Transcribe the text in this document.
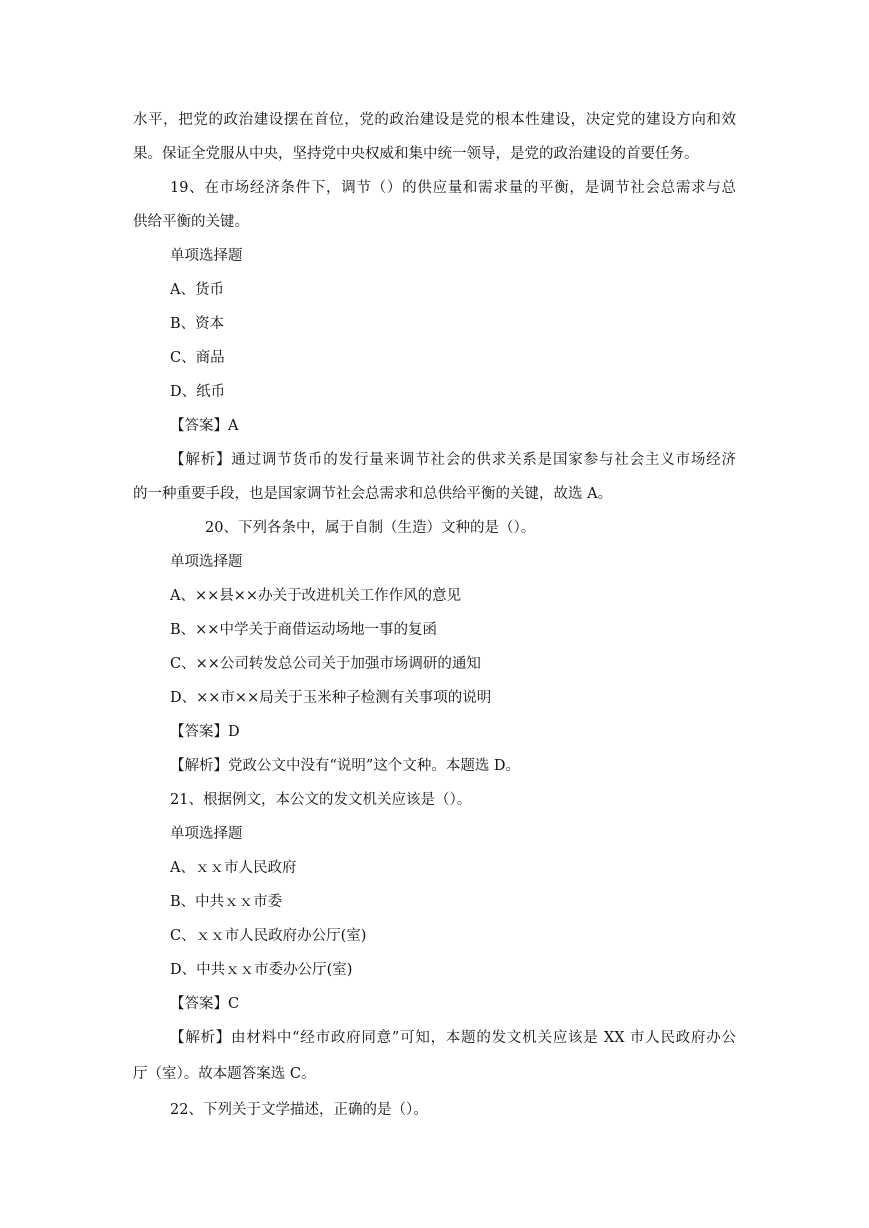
水平，把党的政治建设摆在首位，党的政治建设是党的根本性建设，决定党的建设方向和效

果。保证全党服从中央，坚持党中央权威和集中统一领导，是党的政治建设的首要任务。

19、在市场经济条件下，调节（）的供应量和需求量的平衡，是调节社会总需求与总

供给平衡的关键。

单项选择题

A、货币

B、资本

C、商品

D、纸币

【答案】A

【解析】通过调节货币的发行量来调节社会的供求关系是国家参与社会主义市场经济

的一种重要手段，也是国家调节社会总需求和总供给平衡的关键，故选 A。

20、下列各条中，属于自制（生造）文种的是（）。

单项选择题

A、××县××办关于改进机关工作作风的意见

B、××中学关于商借运动场地一事的复函

C、××公司转发总公司关于加强市场调研的通知

D、××市××局关于玉米种子检测有关事项的说明

【答案】D

【解析】党政公文中没有“说明”这个文种。本题选 D。

21、根据例文，本公文的发文机关应该是（）。

单项选择题

A、ｘｘ市人民政府

B、中共ｘｘ市委

C、ｘｘ市人民政府办公厅(室)

D、中共ｘｘ市委办公厅(室)

【答案】C

【解析】由材料中“经市政府同意”可知，本题的发文机关应该是 XX 市人民政府办公

厅（室）。故本题答案选 C。

22、下列关于文学描述，正确的是（）。
